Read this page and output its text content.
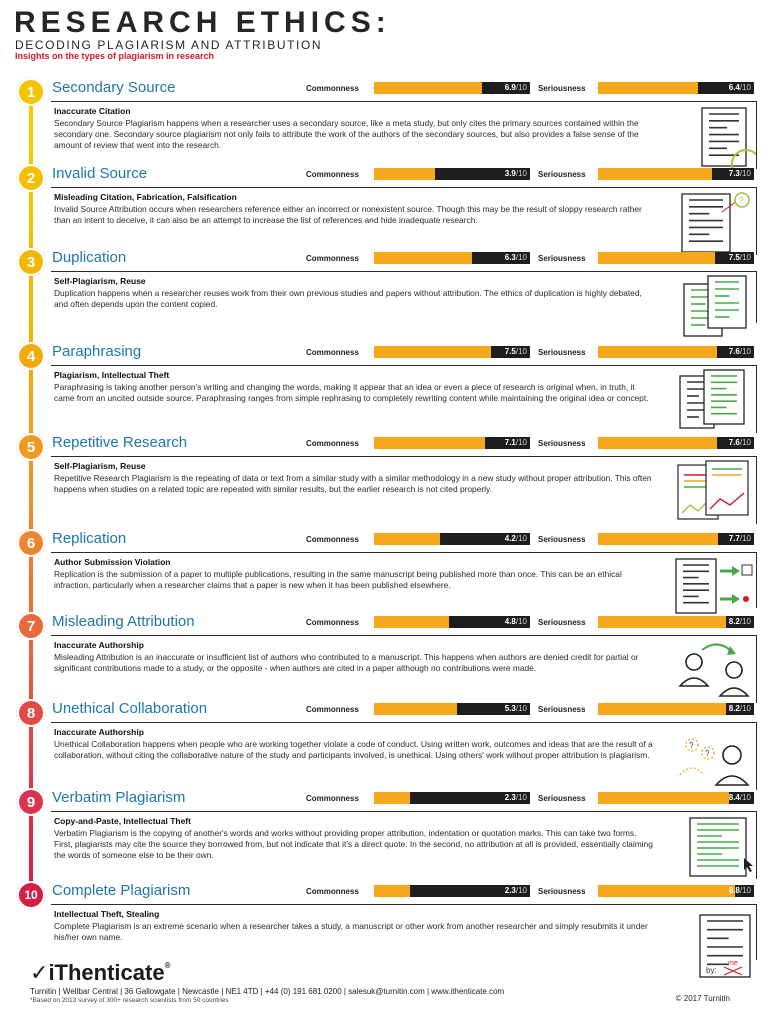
RESEARCH ETHICS:
DECODING PLAGIARISM AND ATTRIBUTION
Insights on the types of plagiarism in research
1	Secondary Source	Commonness	6.9/10 Seriousness	6.4/10
Inaccurate Citation
Secondary Source Plagiarism happens when a researcher uses a secondary source, like a meta study, but only cites the primary sources contained within the secondary one. Secondary source plagiarism not only fails to attribute the work of the authors of the secondary sources, but also provides a false sense of the amount of review that went into the research.
2	Invalid Source	Commonness	3.9/10 Seriousness	7.3/10
Misleading Citation, Fabrication, Falsification
Invalid Source Attribution occurs when researchers reference either an incorrect or nonexistent source. Though this may be the result of sloppy research rather than an intent to deceive, it can also be an attempt to increase the list of references and hide inadequate research.
?
3	Duplication	Commonness	6.3/10 Seriousness	7.5/10
Self-Plagiarism, Reuse
Duplication happens when a researcher reuses work from their own previous studies and papers without attribution. The ethics of duplication is highly debated, and often depends upon the content copied.
4	Paraphrasing	Commonness	7.5/10 Seriousness	7.6/10
Plagiarism, Intellectual Theft
Paraphrasing is taking another person's writing and changing the words, making it appear that an idea or even a piece of research is original when, in truth, it came from an uncited outside source. Paraphrasing ranges from simple rephrasing to completely rewriting content while maintaining the original idea or concept.
5	Repetitive Research	Commonness	7.1/10 Seriousness	7.6/10
Self-Plagiarism, Reuse
Repetitive Research Plagiarism is the repeating of data or text from a similar study with a similar methodology in a new study without proper attribution. This often happens when studies on a related topic are repeated with similar results, but the earlier research is not cited properly.
6	Replication	Commonness	4.2/10 Seriousness	7.7/10
Author Submission Violation
Replication is the submission of a paper to multiple publications, resulting in the same manuscript being published more than once. This can be an ethical infraction, particularly when a researcher claims that a paper is new when it has been published elsewhere.
7	Misleading Attribution	Commonness	4.8/10 Seriousness	8.2/10
Inaccurate Authorship
Misleading Attribution is an inaccurate or insufficient list of authors who contributed to a manuscript. This happens when authors are denied credit for partial or significant contributions made to a study, or the opposite - when authors are cited in a paper although no contributions were made.
8	Unethical Collaboration	Commonness	5.3/10 Seriousness	8.2/10
Inaccurate Authorship
Unethical Collaboration happens when people who are working together violate a code of conduct. Using written work, outcomes and ideas that are the result of a collaboration, without citing the collaborative nature of the study and participants involved, is unethical. Using others' work without proper attribution is plagiarism.
?
?
9	Verbatim Plagiarism	Commonness	2.3/10 Seriousness	8.4/10
Copy-and-Paste, Intellectual Theft
Verbatim Plagiarism is the copying of another's words and works without providing proper attribution, indentation or quotation marks. This can take two forms. First, plagiarists may cite the source they borrowed from, but not indicate that it's a direct quote. In the second, no attribution at all is provided, essentially claiming the words of someone else to be their own.
10 Complete Plagiarism	Commonness	2.3/10 Seriousness	8.8/10
Intellectual Theft, Stealing
Complete Plagiarism is an extreme scenario when a researcher takes a study, a manuscript or other work from another researcher and simply resubmits it under his/her own name.
by:
me
✓iThenticate®
Turnitin | Wellbar Central | 36 Gallowgate | Newcastle | NE1 4TD | +44 (0) 191 681 0200 | salesuk@turnitin.com | www.ithenticate.com
*Based on 2013 survey of 300+ research scientists from 50 countries	© 2017 Turnitin
